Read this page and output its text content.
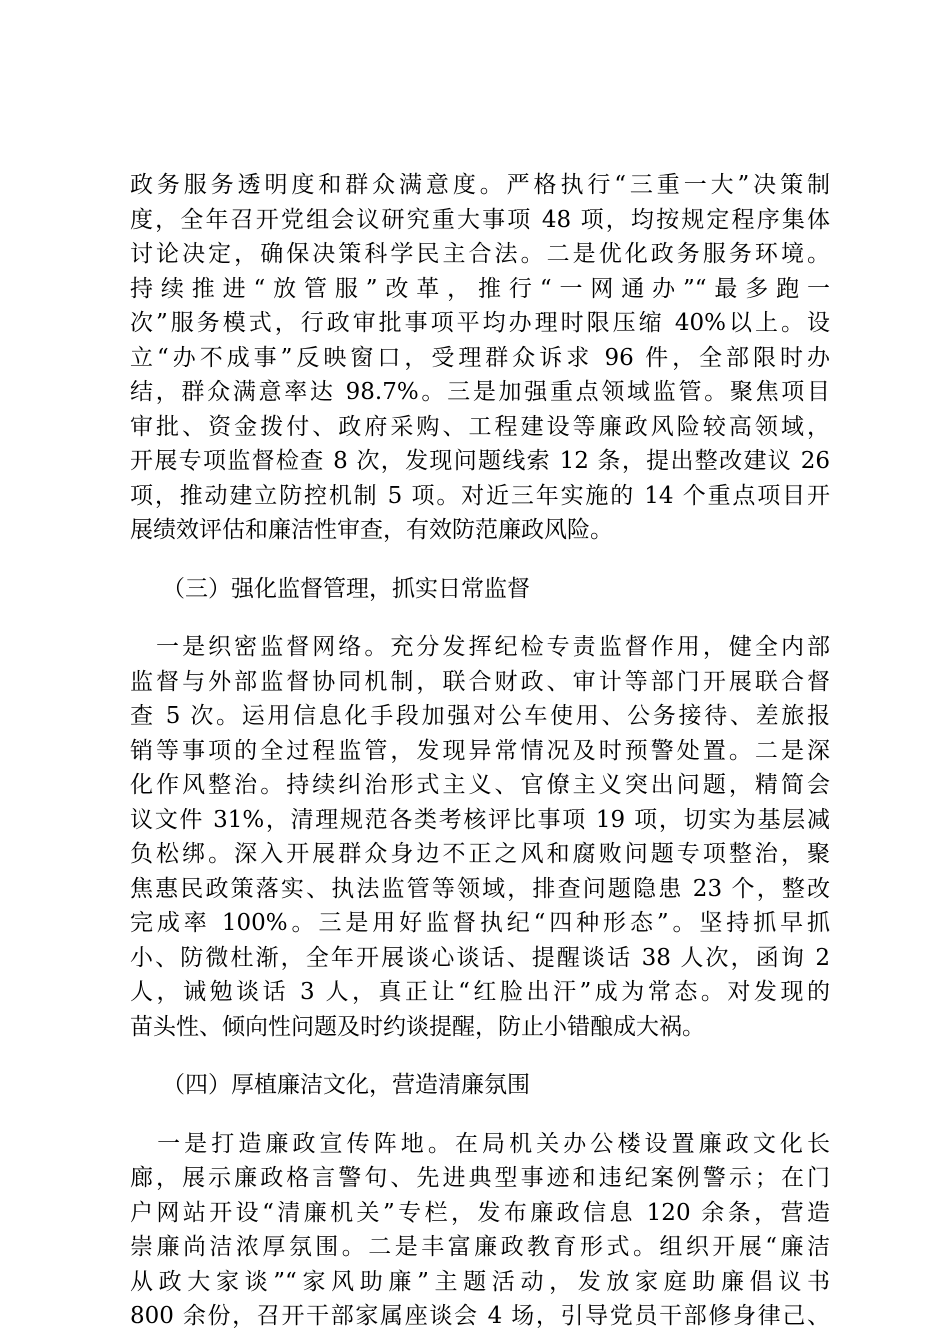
政务服务透明度和群众满意度。严格执行“三重一大”决策制
度，全年召开党组会议研究重大事项 48 项，均按规定程序集体
讨论决定，确保决策科学民主合法。二是优化政务服务环境。
持续推进“放管服”改革，推行“一网通办”“最多跑一
次”服务模式，行政审批事项平均办理时限压缩 40%以上。设
立“办不成事”反映窗口，受理群众诉求 96 件，全部限时办
结，群众满意率达 98.7%。三是加强重点领域监管。聚焦项目
审批、资金拨付、政府采购、工程建设等廉政风险较高领域，
开展专项监督检查 8 次，发现问题线索 12 条，提出整改建议 26
项，推动建立防控机制 5 项。对近三年实施的 14 个重点项目开
展绩效评估和廉洁性审查，有效防范廉政风险。
（三）强化监督管理，抓实日常监督
　一是织密监督网络。充分发挥纪检专责监督作用，健全内部
监督与外部监督协同机制，联合财政、审计等部门开展联合督
查 5 次。运用信息化手段加强对公车使用、公务接待、差旅报
销等事项的全过程监管，发现异常情况及时预警处置。二是深
化作风整治。持续纠治形式主义、官僚主义突出问题，精简会
议文件 31%，清理规范各类考核评比事项 19 项，切实为基层减
负松绑。深入开展群众身边不正之风和腐败问题专项整治，聚
焦惠民政策落实、执法监管等领域，排查问题隐患 23 个，整改
完成率 100%。三是用好监督执纪“四种形态”。坚持抓早抓
小、防微杜渐，全年开展谈心谈话、提醒谈话 38 人次，函询 2
人，诫勉谈话 3 人，真正让“红脸出汗”成为常态。对发现的
苗头性、倾向性问题及时约谈提醒，防止小错酿成大祸。
（四）厚植廉洁文化，营造清廉氛围
　一是打造廉政宣传阵地。在局机关办公楼设置廉政文化长
廊，展示廉政格言警句、先进典型事迹和违纪案例警示；在门
户网站开设“清廉机关”专栏，发布廉政信息 120 余条，营造
崇廉尚洁浓厚氛围。二是丰富廉政教育形式。组织开展“廉洁
从政大家谈”“家风助廉”主题活动，发放家庭助廉倡议书
800 余份，召开干部家属座谈会 4 场，引导党员干部修身律己、
